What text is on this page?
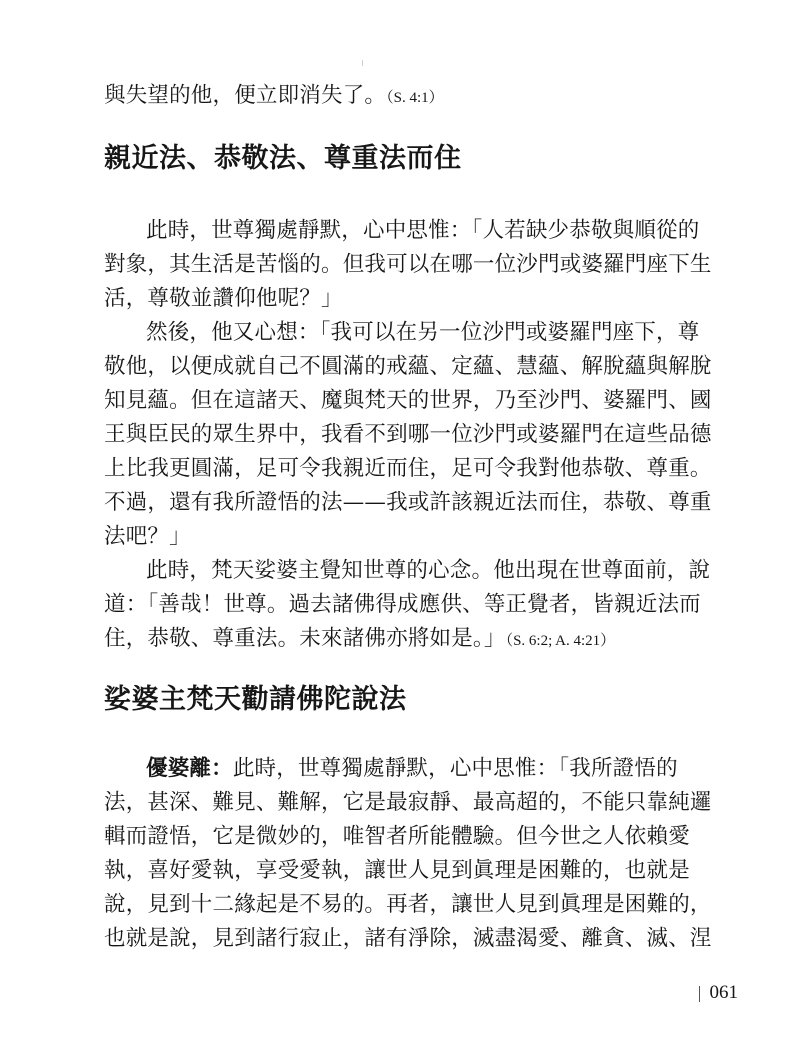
與失望的他，便立即消失了。（S. 4:1）
親近法、恭敬法、尊重法而住
此時，世尊獨處靜默，心中思惟：「人若缺少恭敬與順從的
對象，其生活是苦惱的。但我可以在哪一位沙門或婆羅門座下生
活，尊敬並讚仰他呢？」
然後，他又心想：「我可以在另一位沙門或婆羅門座下，尊
敬他，以便成就自己不圓滿的戒蘊、定蘊、慧蘊、解脫蘊與解脫
知見蘊。但在這諸天、魔與梵天的世界，乃至沙門、婆羅門、國
王與臣民的眾生界中，我看不到哪一位沙門或婆羅門在這些品德
上比我更圓滿，足可令我親近而住，足可令我對他恭敬、尊重。
不過，還有我所證悟的法——我或許該親近法而住，恭敬、尊重
法吧？」
此時，梵天娑婆主覺知世尊的心念。他出現在世尊面前，說
道：「善哉！世尊。過去諸佛得成應供、等正覺者，皆親近法而
住，恭敬、尊重法。未來諸佛亦將如是。」（S. 6:2; A. 4:21）
娑婆主梵天勸請佛陀說法
優婆離：此時，世尊獨處靜默，心中思惟：「我所證悟的
法，甚深、難見、難解，它是最寂靜、最高超的，不能只靠純邏
輯而證悟，它是微妙的，唯智者所能體驗。但今世之人依賴愛
執，喜好愛執，享受愛執，讓世人見到眞理是困難的，也就是
說，見到十二緣起是不易的。再者，讓世人見到眞理是困難的，
也就是說，見到諸行寂止，諸有淨除，滅盡渴愛、離貪、滅、涅
061
